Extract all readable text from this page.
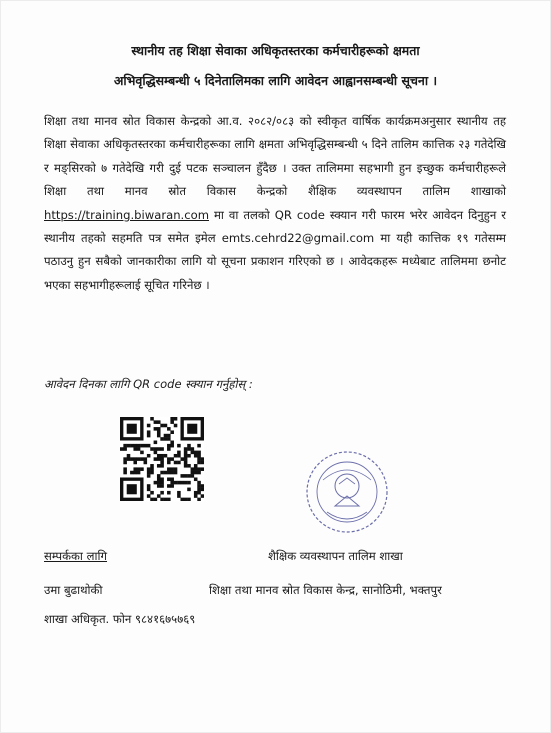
स्थानीय तह शिक्षा सेवाका अधिकृतस्तरका कर्मचारीहरूको क्षमता
अभिवृद्धिसम्बन्धी ५ दिनेतालिमका लागि आवेदन आह्वानसम्बन्धी सूचना ।
शिक्षा तथा मानव स्रोत विकास केन्द्रको आ.व. २०८२/०८३ को स्वीकृत वार्षिक कार्यक्रमअनुसार स्थानीय तह शिक्षा सेवाका अधिकृतस्तरका कर्मचारीहरूका लागि क्षमता अभिवृद्धिसम्बन्धी ५ दिने तालिम कात्तिक २३ गतेदेखि र मङ्सिरको ७ गतेदेखि गरी दुई पटक सञ्चालन हुँदैछ । उक्त तालिममा सहभागी हुन इच्छुक कर्मचारीहरूले शिक्षा तथा मानव स्रोत विकास केन्द्रको शैक्षिक व्यवस्थापन तालिम शाखाको https://training.biwaran.com मा वा तलको QR code स्क्यान गरी फारम भरेर आवेदन दिनुहुन र स्थानीय तहको सहमति पत्र समेत इमेल emts.cehrd22@gmail.com मा यही कात्तिक १९ गतेसम्म पठाउनु हुन सबैको जानकारीका लागि यो सूचना प्रकाशन गरिएको छ । आवेदकहरू मध्येबाट तालिममा छनोट भएका सहभागीहरूलाई सूचित गरिनेछ ।
आवेदन दिनका लागि QR code स्क्यान गर्नुहोस् :
सम्पर्कका लागि
उमा बुढाथोकी
शाखा अधिकृत. फोन ९८४१६७५७६९
शैक्षिक व्यवस्थापन तालिम शाखा
शिक्षा तथा मानव स्रोत विकास केन्द्र, सानोठिमी, भक्तपुर
